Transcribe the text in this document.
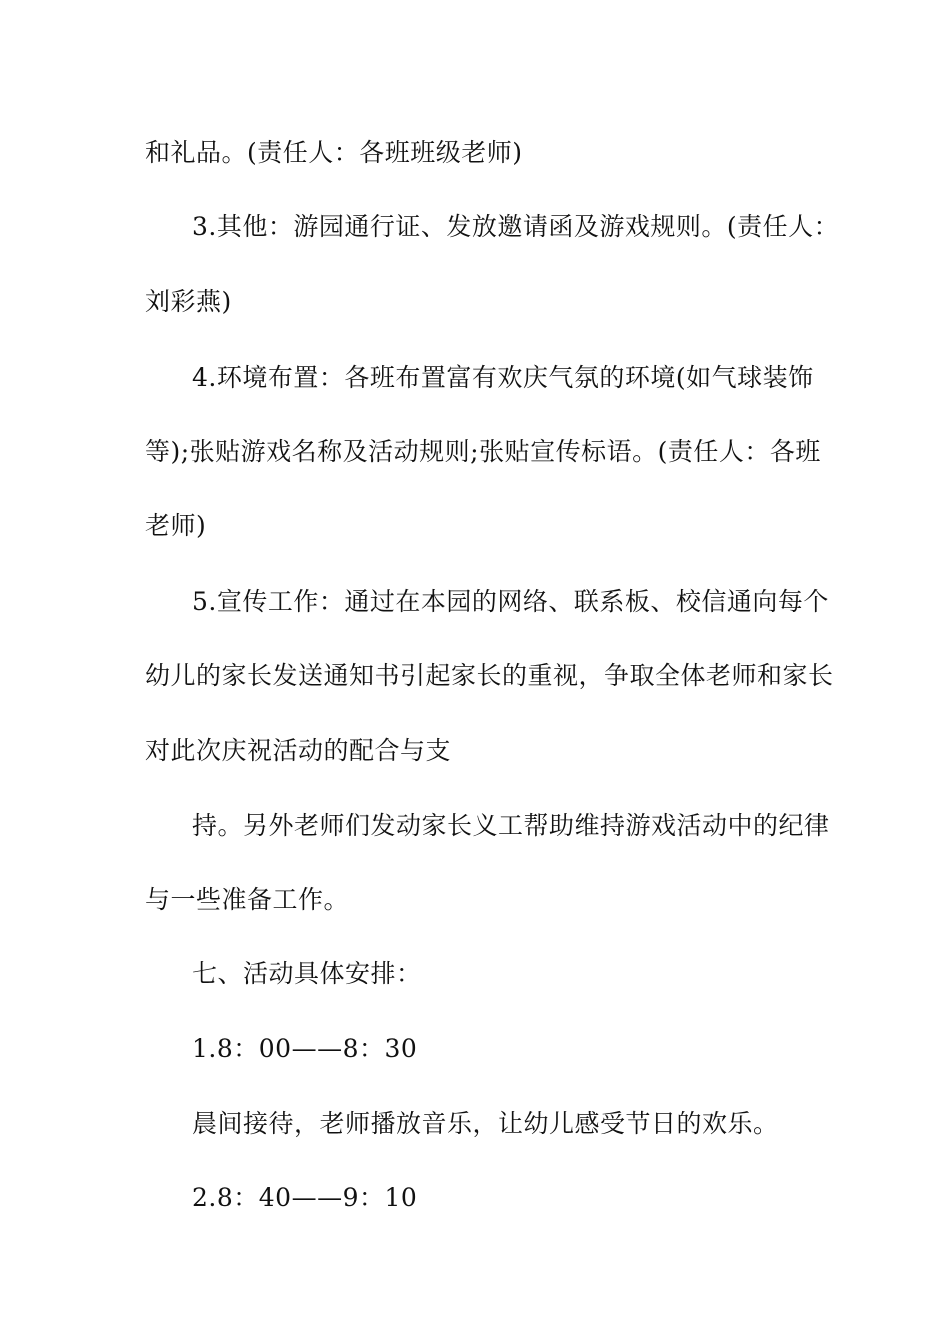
和礼品。(责任人：各班班级老师)
3.其他：游园通行证、发放邀请函及游戏规则。(责任人：
刘彩燕)
4.环境布置：各班布置富有欢庆气氛的环境(如气球装饰
等);张贴游戏名称及活动规则;张贴宣传标语。(责任人：各班
老师)
5.宣传工作：通过在本园的网络、联系板、校信通向每个
幼儿的家长发送通知书引起家长的重视，争取全体老师和家长
对此次庆祝活动的配合与支
持。另外老师们发动家长义工帮助维持游戏活动中的纪律
与一些准备工作。
七、活动具体安排：
1.8：00——8：30
晨间接待，老师播放音乐，让幼儿感受节日的欢乐。
2.8：40——9：10
